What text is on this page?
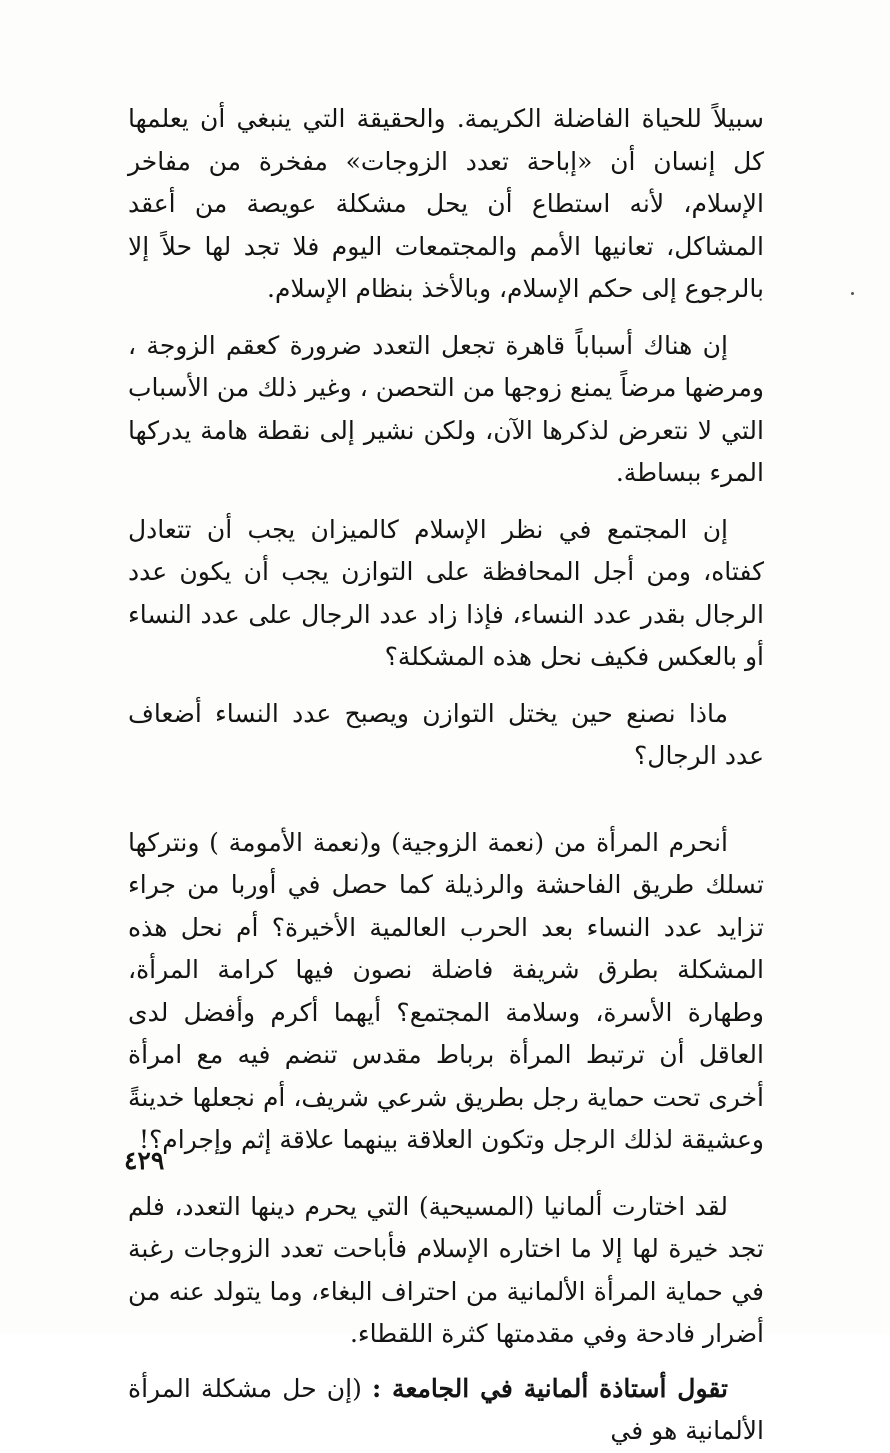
سبيلاً للحياة الفاضلة الكريمة. والحقيقة التي ينبغي أن يعلمها كل إنسان أن «إباحة تعدد الزوجات» مفخرة من مفاخر الإسلام، لأنه استطاع أن يحل مشكلة عويصة من أعقد المشاكل، تعانيها الأمم والمجتمعات اليوم فلا تجد لها حلاً إلا بالرجوع إلى حكم الإسلام، وبالأخذ بنظام الإسلام.

إن هناك أسباباً قاهرة تجعل التعدد ضرورة كعقم الزوجة ، ومرضها مرضاً يمنع زوجها من التحصن ، وغير ذلك من الأسباب التي لا نتعرض لذكرها الآن، ولكن نشير إلى نقطة هامة يدركها المرء ببساطة.

إن المجتمع في نظر الإسلام كالميزان يجب أن تتعادل كفتاه، ومن أجل المحافظة على التوازن يجب أن يكون عدد الرجال بقدر عدد النساء، فإذا زاد عدد الرجال على عدد النساء أو بالعكس فكيف نحل هذه المشكلة؟

ماذا نصنع حين يختل التوازن ويصبح عدد النساء أضعاف عدد الرجال؟

أنحرم المرأة من (نعمة الزوجية) و(نعمة الأمومة ) ونتركها تسلك طريق الفاحشة والرذيلة كما حصل في أوربا من جراء تزايد عدد النساء بعد الحرب العالمية الأخيرة؟ أم نحل هذه المشكلة بطرق شريفة فاضلة نصون فيها كرامة المرأة، وطهارة الأسرة، وسلامة المجتمع؟ أيهما أكرم وأفضل لدى العاقل أن ترتبط المرأة برباط مقدس تنضم فيه مع امرأة أخرى تحت حماية رجل بطريق شرعي شريف، أم نجعلها خدينةً وعشيقة لذلك الرجل وتكون العلاقة بينهما علاقة إثم وإجرام؟!

لقد اختارت ألمانيا (المسيحية) التي يحرم دينها التعدد، فلم تجد خيرة لها إلا ما اختاره الإسلام فأباحت تعدد الزوجات رغبة في حماية المرأة الألمانية من احتراف البغاء، وما يتولد عنه من أضرار فادحة وفي مقدمتها كثرة اللقطاء.

تقول أستاذة ألمانية في الجامعة : (إن حل مشكلة المرأة الألمانية هو في

٤٢٩
